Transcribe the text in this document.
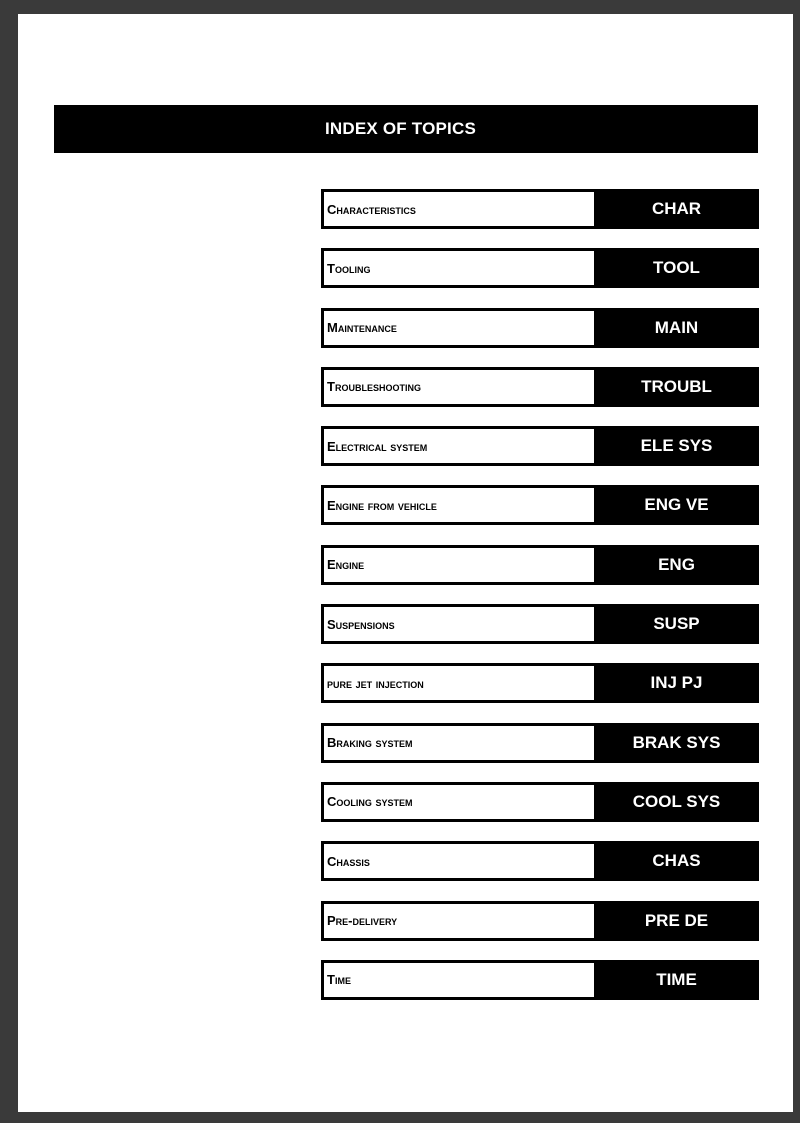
INDEX OF TOPICS
Characteristics	CHAR
Tooling	TOOL
Maintenance	MAIN
Troubleshooting	TROUBL
Electrical system	ELE SYS
Engine from vehicle	ENG VE
Engine	ENG
Suspensions	SUSP
pure jet injection	INJ PJ
Braking system	BRAK SYS
Cooling system	COOL SYS
Chassis	CHAS
Pre-delivery	PRE DE
Time	TIME
